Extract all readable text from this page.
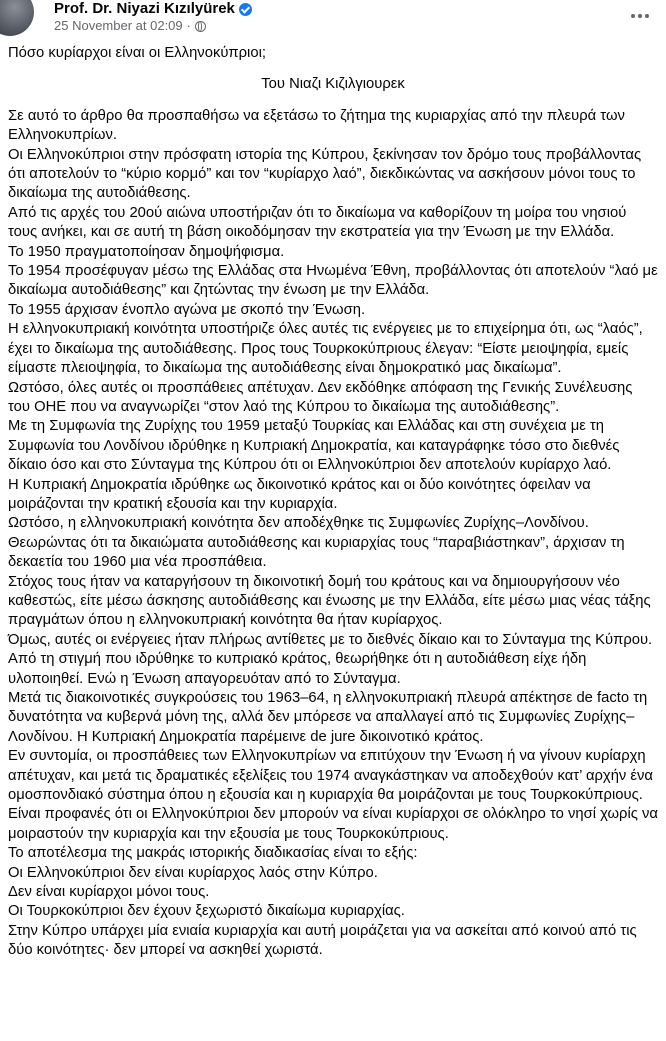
Prof. Dr. Niyazi Kızılyürek
25 November at 02:09 ·

Πόσο κυρίαρχοι είναι οι Ελληνοκύπριοι;

Του Νιαζι Κιζιλγιουρεκ

Σε αυτό το άρθρο θα προσπαθήσω να εξετάσω το ζήτημα της κυριαρχίας από την πλευρά των Ελληνοκυπρίων.

Οι Ελληνοκύπριοι στην πρόσφατη ιστορία της Κύπρου, ξεκίνησαν τον δρόμο τους προβάλλοντας ότι αποτελούν το “κύριο κορμό” και τον “κυρίαρχο λαό”, διεκδικώντας να ασκήσουν μόνοι τους το δικαίωμα της αυτοδιάθεσης.

Από τις αρχές του 20ού αιώνα υποστήριζαν ότι το δικαίωμα να καθορίζουν τη μοίρα του νησιού τους ανήκει, και σε αυτή τη βάση οικοδόμησαν την εκστρατεία για την Ένωση με την Ελλάδα.

Το 1950 πραγματοποίησαν δημοψήφισμα.

Το 1954 προσέφυγαν μέσω της Ελλάδας στα Ηνωμένα Έθνη, προβάλλοντας ότι αποτελούν “λαό με δικαίωμα αυτοδιάθεσης” και ζητώντας την ένωση με την Ελλάδα.

Το 1955 άρχισαν ένοπλο αγώνα με σκοπό την Ένωση.

Η ελληνοκυπριακή κοινότητα υποστήριζε όλες αυτές τις ενέργειες με το επιχείρημα ότι, ως “λαός”, έχει το δικαίωμα της αυτοδιάθεσης. Προς τους Τουρκοκύπριους έλεγαν: “Είστε μειοψηφία, εμείς είμαστε πλειοψηφία, το δικαίωμα της αυτοδιάθεσης είναι δημοκρατικό μας δικαίωμα”.

Ωστόσο, όλες αυτές οι προσπάθειες απέτυχαν. Δεν εκδόθηκε απόφαση της Γενικής Συνέλευσης του ΟΗΕ που να αναγνωρίζει “στον λαό της Κύπρου το δικαίωμα της αυτοδιάθεσης”.

Με τη Συμφωνία της Ζυρίχης του 1959 μεταξύ Τουρκίας και Ελλάδας και στη συνέχεια με τη Συμφωνία του Λονδίνου ιδρύθηκε η Κυπριακή Δημοκρατία, και καταγράφηκε τόσο στο διεθνές δίκαιο όσο και στο Σύνταγμα της Κύπρου ότι οι Ελληνοκύπριοι δεν αποτελούν κυρίαρχο λαό.

Η Κυπριακή Δημοκρατία ιδρύθηκε ως δικοινοτικό κράτος και οι δύο κοινότητες όφειλαν να μοιράζονται την κρατική εξουσία και την κυριαρχία.

Ωστόσο, η ελληνοκυπριακή κοινότητα δεν αποδέχθηκε τις Συμφωνίες Ζυρίχης–Λονδίνου. Θεωρώντας ότι τα δικαιώματα αυτοδιάθεσης και κυριαρχίας τους “παραβιάστηκαν”, άρχισαν τη δεκαετία του 1960 μια νέα προσπάθεια.

Στόχος τους ήταν να καταργήσουν τη δικοινοτική δομή του κράτους και να δημιουργήσουν νέο καθεστώς, είτε μέσω άσκησης αυτοδιάθεσης και ένωσης με την Ελλάδα, είτε μέσω μιας νέας τάξης πραγμάτων όπου η ελληνοκυπριακή κοινότητα θα ήταν κυρίαρχος.

Όμως, αυτές οι ενέργειες ήταν πλήρως αντίθετες με το διεθνές δίκαιο και το Σύνταγμα της Κύπρου. Από τη στιγμή που ιδρύθηκε το κυπριακό κράτος, θεωρήθηκε ότι η αυτοδιάθεση είχε ήδη υλοποιηθεί. Ενώ η Ένωση απαγορευόταν από το Σύνταγμα.

Μετά τις διακοινοτικές συγκρούσεις του 1963–64, η ελληνοκυπριακή πλευρά απέκτησε de facto τη δυνατότητα να κυβερνά μόνη της, αλλά δεν μπόρεσε να απαλλαγεί από τις Συμφωνίες Ζυρίχης–Λονδίνου. Η Κυπριακή Δημοκρατία παρέμεινε de jure δικοινοτικό κράτος.

Εν συντομία, οι προσπάθειες των Ελληνοκυπρίων να επιτύχουν την Ένωση ή να γίνουν κυρίαρχη απέτυχαν, και μετά τις δραματικές εξελίξεις του 1974 αναγκάστηκαν να αποδεχθούν κατ’ αρχήν ένα ομοσπονδιακό σύστημα όπου η εξουσία και η κυριαρχία θα μοιράζονται με τους Τουρκοκύπριους.

Είναι προφανές ότι οι Ελληνοκύπριοι δεν μπορούν να είναι κυρίαρχοι σε ολόκληρο το νησί χωρίς να μοιραστούν την κυριαρχία και την εξουσία με τους Τουρκοκύπριους.

Το αποτέλεσμα της μακράς ιστορικής διαδικασίας είναι το εξής:

Οι Ελληνοκύπριοι δεν είναι κυρίαρχος λαός στην Κύπρο.

Δεν είναι κυρίαρχοι μόνοι τους.

Οι Τουρκοκύπριοι δεν έχουν ξεχωριστό δικαίωμα κυριαρχίας.

Στην Κύπρο υπάρχει μία ενιαία κυριαρχία και αυτή μοιράζεται για να ασκείται από κοινού από τις δύο κοινότητες· δεν μπορεί να ασκηθεί χωριστά.
